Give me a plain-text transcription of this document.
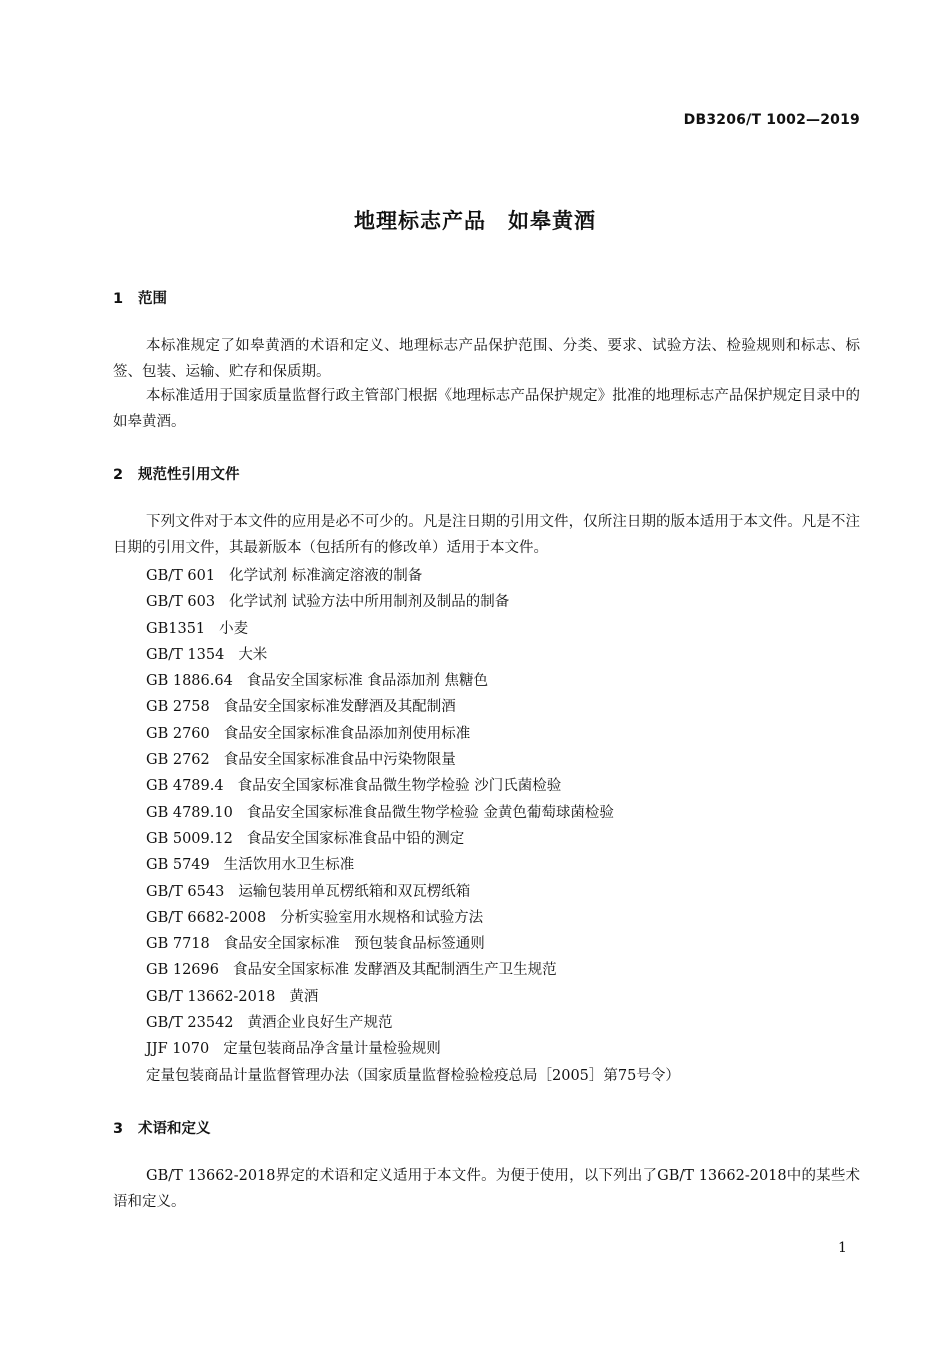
DB3206/T 1002—2019
地理标志产品　如皋黄酒
1 范围

本标准规定了如皋黄酒的术语和定义、地理标志产品保护范围、分类、要求、试验方法、检验规则和标志、标签、包装、运输、贮存和保质期。

本标准适用于国家质量监督行政主管部门根据《地理标志产品保护规定》批准的地理标志产品保护规定目录中的如皋黄酒。

2 规范性引用文件

下列文件对于本文件的应用是必不可少的。凡是注日期的引用文件，仅所注日期的版本适用于本文件。凡是不注日期的引用文件，其最新版本（包括所有的修改单）适用于本文件。

GB/T 601 化学试剂 标准滴定溶液的制备
GB/T 603 化学试剂 试验方法中所用制剂及制品的制备
GB1351 小麦
GB/T 1354 大米
GB 1886.64 食品安全国家标准 食品添加剂 焦糖色
GB 2758 食品安全国家标准发酵酒及其配制酒
GB 2760 食品安全国家标准食品添加剂使用标准
GB 2762 食品安全国家标准食品中污染物限量
GB 4789.4 食品安全国家标准食品微生物学检验 沙门氏菌检验
GB 4789.10 食品安全国家标准食品微生物学检验 金黄色葡萄球菌检验
GB 5009.12 食品安全国家标准食品中铅的测定
GB 5749 生活饮用水卫生标准
GB/T 6543 运输包装用单瓦楞纸箱和双瓦楞纸箱
GB/T 6682-2008 分析实验室用水规格和试验方法
GB 7718 食品安全国家标准　预包装食品标签通则
GB 12696 食品安全国家标准 发酵酒及其配制酒生产卫生规范
GB/T 13662-2018 黄酒
GB/T 23542 黄酒企业良好生产规范
JJF 1070 定量包装商品净含量计量检验规则
定量包装商品计量监督管理办法（国家质量监督检验检疫总局［2005］第75号令）
3 术语和定义

GB/T 13662-2018界定的术语和定义适用于本文件。为便于使用，以下列出了GB/T 13662-2018中的某些术语和定义。

1
